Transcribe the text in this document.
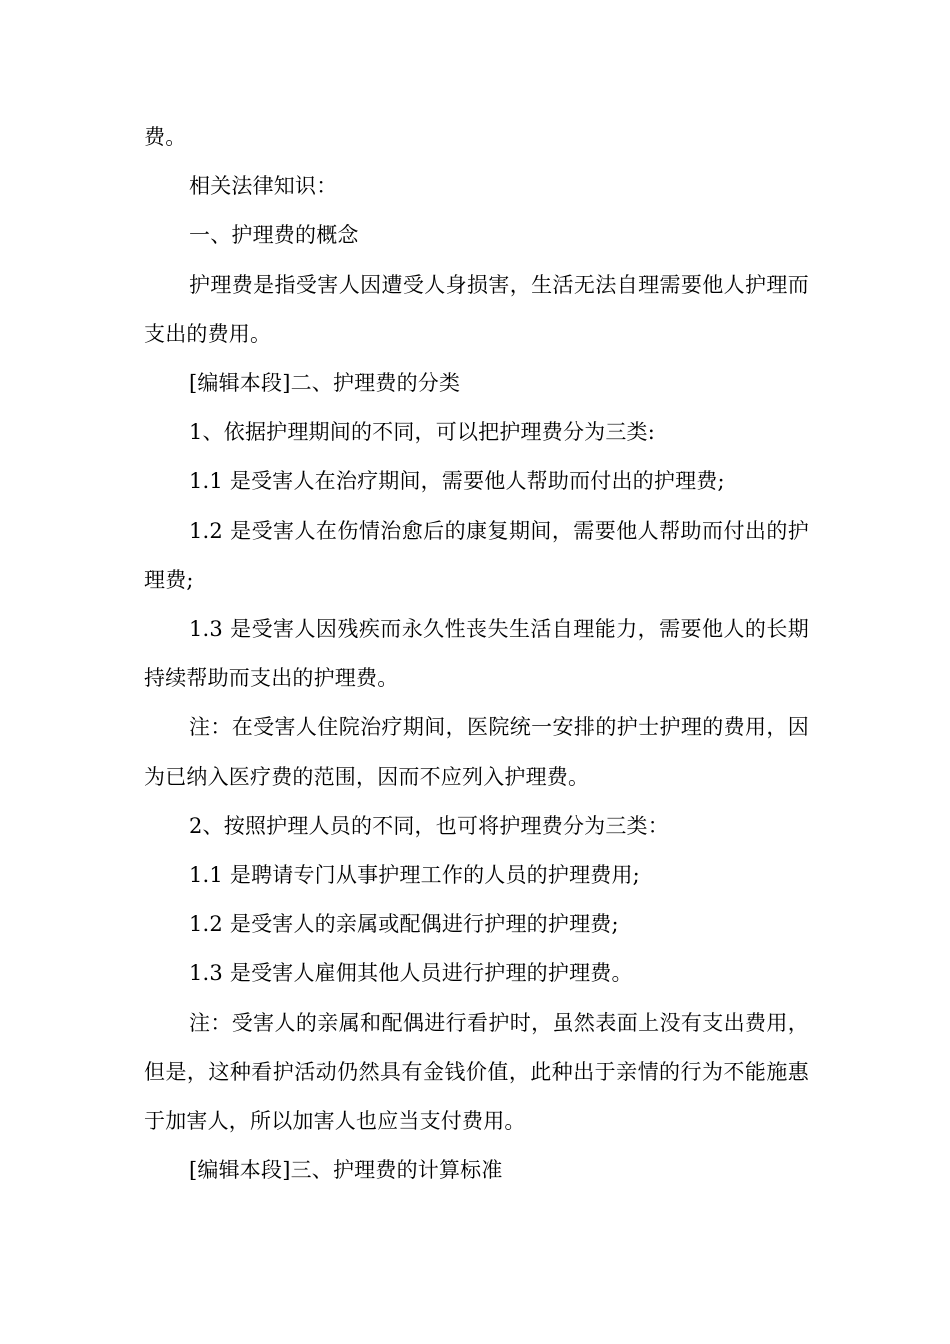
费。

相关法律知识：

一、护理费的概念

护理费是指受害人因遭受人身损害，生活无法自理需要他人护理而支出的费用。

[编辑本段]二、护理费的分类

1、依据护理期间的不同，可以把护理费分为三类:

1.1 是受害人在治疗期间，需要他人帮助而付出的护理费;

1.2 是受害人在伤情治愈后的康复期间，需要他人帮助而付出的护理费;

1.3 是受害人因残疾而永久性丧失生活自理能力，需要他人的长期持续帮助而支出的护理费。

注：在受害人住院治疗期间，医院统一安排的护士护理的费用，因为已纳入医疗费的范围，因而不应列入护理费。

2、按照护理人员的不同，也可将护理费分为三类：

1.1 是聘请专门从事护理工作的人员的护理费用;

1.2 是受害人的亲属或配偶进行护理的护理费;

1.3 是受害人雇佣其他人员进行护理的护理费。

注：受害人的亲属和配偶进行看护时，虽然表面上没有支出费用，但是，这种看护活动仍然具有金钱价值，此种出于亲情的行为不能施惠于加害人，所以加害人也应当支付费用。

[编辑本段]三、护理费的计算标准
